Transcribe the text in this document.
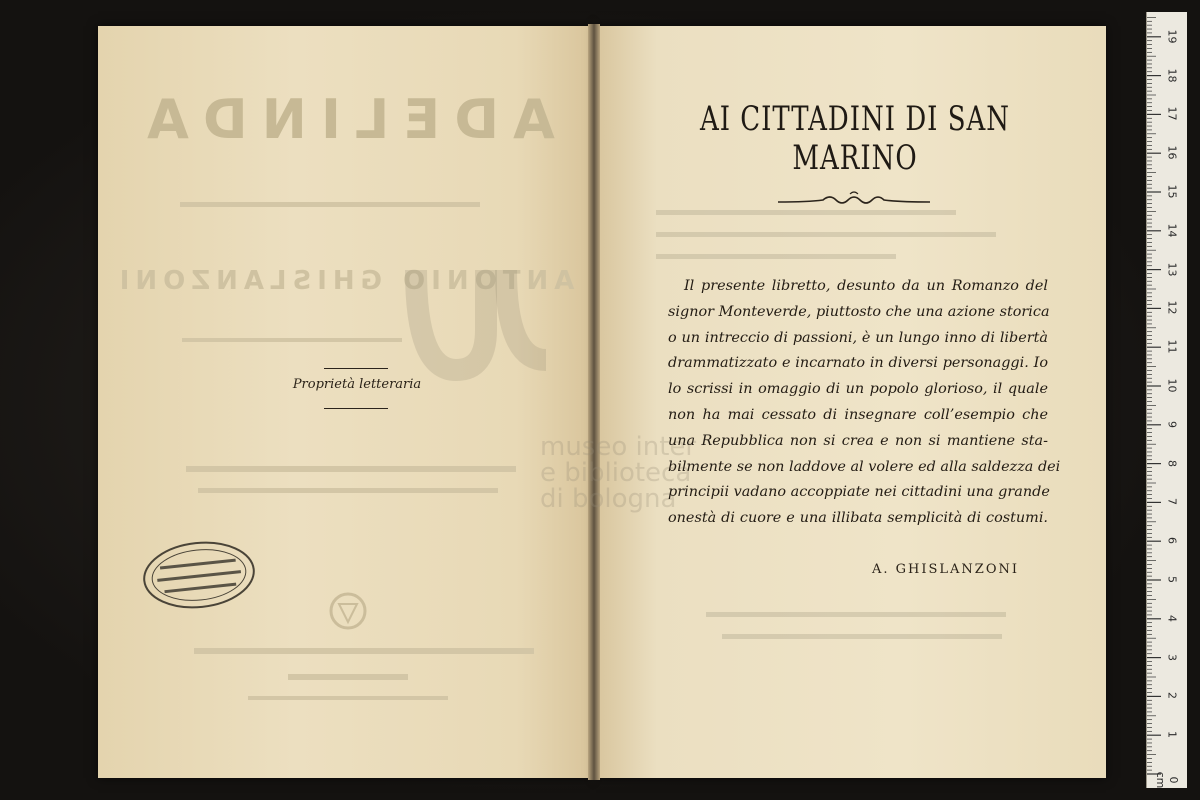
ADELINDA
ANTONIO GHISLANZONI
museo inter
e biblioteca
di bologna
Proprietà letteraria
AI CITTADINI DI SAN MARINO
Il presente libretto, desunto da un Romanzo del
signor Monteverde, piuttosto che una azione storica
o un intreccio di passioni, è un lungo inno di libertà
drammatizzato e incarnato in diversi personaggi. Io
lo scrissi in omaggio di un popolo glorioso, il quale
non ha mai cessato di insegnare coll’esempio che
una Repubblica non si crea e non si mantiene sta-
bilmente se non laddove al volere ed alla saldezza dei
principii vadano accoppiate nei cittadini una grande
onestà di cuore e una illibata semplicità di costumi.
A. GHISLANZONI
0 cm
1
2
3
4
5
6
7
8
9
10
11
12
13
14
15
16
17
18
19
